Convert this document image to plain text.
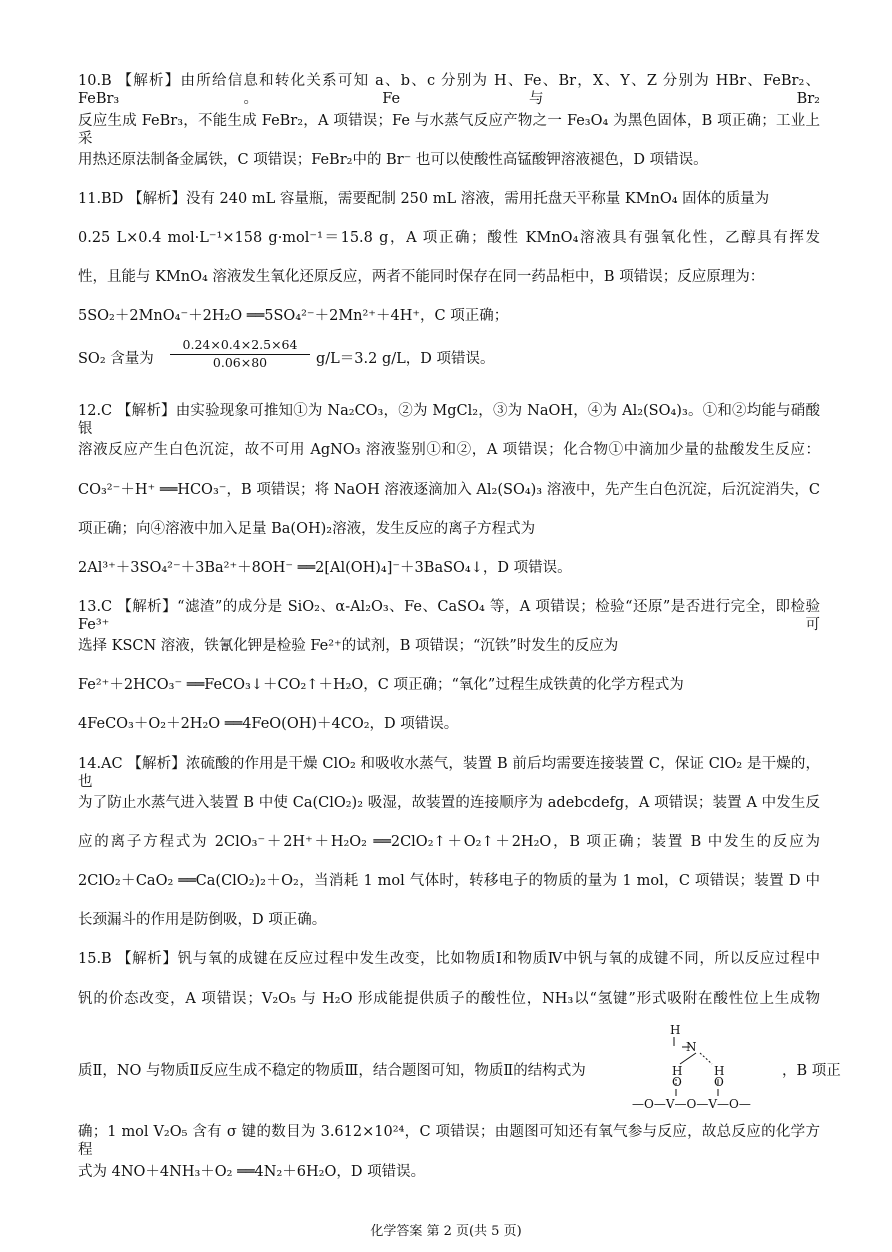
10.B 【解析】由所给信息和转化关系可知 a、b、c 分别为 H、Fe、Br，X、Y、Z 分别为 HBr、FeBr₂、FeBr₃。Fe 与 Br₂
反应生成 FeBr₃，不能生成 FeBr₂，A 项错误；Fe 与水蒸气反应产物之一 Fe₃O₄ 为黑色固体，B 项正确；工业上采
用热还原法制备金属铁，C 项错误；FeBr₂中的 Br⁻ 也可以使酸性高锰酸钾溶液褪色，D 项错误。
11.BD 【解析】没有 240 mL 容量瓶，需要配制 250 mL 溶液，需用托盘天平称量 KMnO₄ 固体的质量为
0.25 L×0.4 mol·L⁻¹×158 g·mol⁻¹＝15.8 g，A 项正确；酸性 KMnO₄溶液具有强氧化性，乙醇具有挥发
性，且能与 KMnO₄ 溶液发生氧化还原反应，两者不能同时保存在同一药品柜中，B 项错误；反应原理为：
5SO₂＋2MnO₄⁻＋2H₂O ══5SO₄²⁻＋2Mn²⁺＋4H⁺，C 项正确；
SO₂ 含量为
0.24×0.4×2.5×64
0.06×80	g/L＝3.2 g/L，D 项错误。
12.C 【解析】由实验现象可推知①为 Na₂CO₃，②为 MgCl₂，③为 NaOH，④为 Al₂(SO₄)₃。①和②均能与硝酸银
溶液反应产生白色沉淀，故不可用 AgNO₃ 溶液鉴别①和②，A 项错误；化合物①中滴加少量的盐酸发生反应：
CO₃²⁻＋H⁺ ══HCO₃⁻，B 项错误；将 NaOH 溶液逐滴加入 Al₂(SO₄)₃ 溶液中，先产生白色沉淀，后沉淀消失，C
项正确；向④溶液中加入足量 Ba(OH)₂溶液，发生反应的离子方程式为
2Al³⁺＋3SO₄²⁻＋3Ba²⁺＋8OH⁻ ══2[Al(OH)₄]⁻＋3BaSO₄↓，D 项错误。
13.C 【解析】“滤渣”的成分是 SiO₂、α-Al₂O₃、Fe、CaSO₄ 等，A 项错误；检验“还原”是否进行完全，即检验 Fe³⁺可
选择 KSCN 溶液，铁氰化钾是检验 Fe²⁺的试剂，B 项错误；“沉铁”时发生的反应为
Fe²⁺＋2HCO₃⁻ ══FeCO₃↓＋CO₂↑＋H₂O，C 项正确；“氧化”过程生成铁黄的化学方程式为
4FeCO₃＋O₂＋2H₂O ══4FeO(OH)＋4CO₂，D 项错误。
14.AC 【解析】浓硫酸的作用是干燥 ClO₂ 和吸收水蒸气，装置 B 前后均需要连接装置 C，保证 ClO₂ 是干燥的，也
为了防止水蒸气进入装置 B 中使 Ca(ClO₂)₂ 吸湿，故装置的连接顺序为 adebcdefg，A 项错误；装置 A 中发生反
应的离子方程式为 2ClO₃⁻＋2H⁺＋H₂O₂ ══2ClO₂↑＋O₂↑＋2H₂O，B 项正确；装置 B 中发生的反应为
2ClO₂＋CaO₂ ══Ca(ClO₂)₂＋O₂，当消耗 1 mol 气体时，转移电子的物质的量为 1 mol，C 项错误；装置 D 中
长颈漏斗的作用是防倒吸，D 项正确。
15.B 【解析】钒与氧的成键在反应过程中发生改变，比如物质Ⅰ和物质Ⅳ中钒与氧的成键不同，所以反应过程中
钒的价态改变，A 项错误；V₂O₅ 与 H₂O 形成能提供质子的酸性位，NH₃以“氢键”形式吸附在酸性位上生成物
质Ⅱ，NO 与物质Ⅱ反应生成不稳定的物质Ⅲ，结合题图可知，物质Ⅱ的结构式为
H
N
H	H
O	O
—O—V—O—V—O—
，B 项正
确；1 mol V₂O₅ 含有 σ 键的数目为 3.612×10²⁴，C 项错误；由题图可知还有氧气参与反应，故总反应的化学方程
式为 4NO＋4NH₃＋O₂ ══4N₂＋6H₂O，D 项错误。
化学答案 第 2 页(共 5 页)
